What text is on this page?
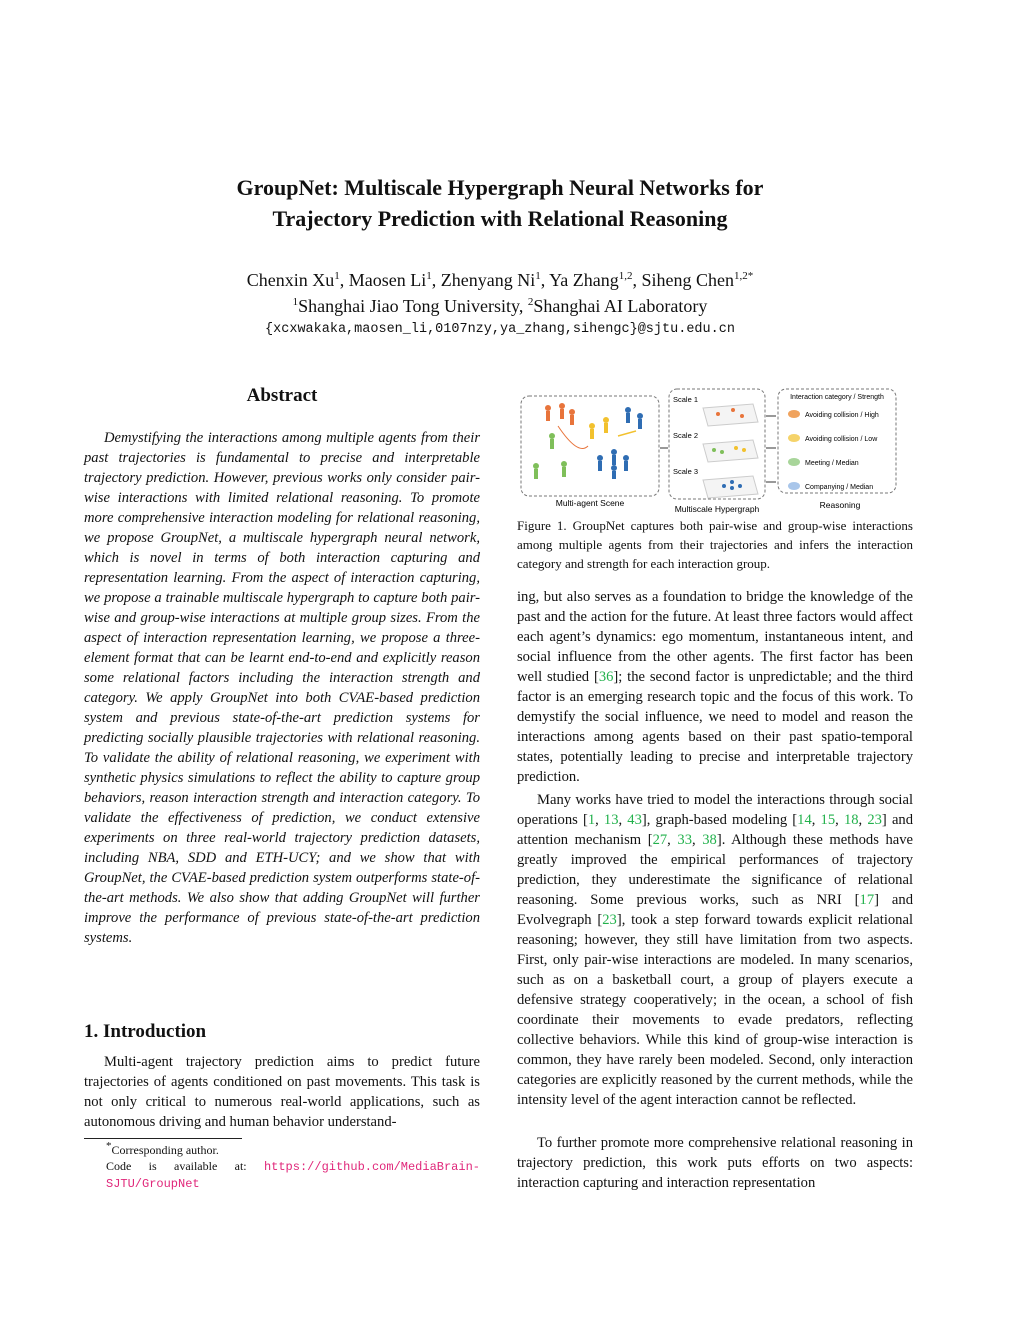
GroupNet: Multiscale Hypergraph Neural Networks for
Trajectory Prediction with Relational Reasoning
Chenxin Xu$^1$, Maosen Li$^1$, Zhenyang Ni$^1$, Ya Zhang$^{1,2}$, Siheng Chen$^{1,2*}$
$^1$Shanghai Jiao Tong University, $^2$Shanghai AI Laboratory
{xcxwakaka,maosen_li,0107nzy,ya_zhang,sihengc}@sjtu.edu.cn
Abstract
Demystifying the interactions among multiple agents from their past trajectories is fundamental to precise and interpretable trajectory prediction. However, previous works only consider pair-wise interactions with limited relational reasoning. To promote more comprehensive interaction modeling for relational reasoning, we propose GroupNet, a multiscale hypergraph neural network, which is novel in terms of both interaction capturing and representation learning. From the aspect of interaction capturing, we propose a trainable multiscale hypergraph to capture both pair-wise and group-wise interactions at multiple group sizes. From the aspect of interaction representation learning, we propose a three-element format that can be learnt end-to-end and explicitly reason some relational factors including the interaction strength and category. We apply GroupNet into both CVAE-based prediction system and previous state-of-the-art prediction systems for predicting socially plausible trajectories with relational reasoning. To validate the ability of relational reasoning, we experiment with synthetic physics simulations to reflect the ability to capture group behaviors, reason interaction strength and interaction category. To validate the effectiveness of prediction, we conduct extensive experiments on three real-world trajectory prediction datasets, including NBA, SDD and ETH-UCY; and we show that with GroupNet, the CVAE-based prediction system outperforms state-of-the-art methods. We also show that adding GroupNet will further improve the performance of previous state-of-the-art prediction systems.
1. Introduction
Multi-agent trajectory prediction aims to predict future trajectories of agents conditioned on past movements. This task is not only critical to numerous real-world applications, such as autonomous driving and human behavior understand-
*Corresponding author.
Code is available at: https://github.com/MediaBrain-SJTU/GroupNet
Multi-agent Scene
Scale 1
Scale 2
Scale 3
Multiscale Hypergraph
Interaction category / Strength
Avoiding collision / High
Avoiding collision / Low
Meeting / Median
Companying / Median
Reasoning
Figure 1. GroupNet captures both pair-wise and group-wise interactions among multiple agents from their trajectories and infers the interaction category and strength for each interaction group.
ing, but also serves as a foundation to bridge the knowledge of the past and the action for the future. At least three factors would affect each agent’s dynamics: ego momentum, instantaneous intent, and social influence from the other agents. The first factor has been well studied [36]; the second factor is unpredictable; and the third factor is an emerging research topic and the focus of this work. To demystify the social influence, we need to model and reason the interactions among agents based on their past spatio-temporal states, potentially leading to precise and interpretable trajectory prediction.
Many works have tried to model the interactions through social operations [1, 13, 43], graph-based modeling [14, 15, 18, 23] and attention mechanism [27, 33, 38]. Although these methods have greatly improved the empirical performances of trajectory prediction, they underestimate the significance of relational reasoning. Some previous works, such as NRI [17] and Evolvegraph [23], took a step forward towards explicit relational reasoning; however, they still have limitation from two aspects. First, only pair-wise interactions are modeled. In many scenarios, such as on a basketball court, a group of players execute a defensive strategy cooperatively; in the ocean, a school of fish coordinate their movements to evade predators, reflecting collective behaviors. While this kind of group-wise interaction is common, they have rarely been modeled. Second, only interaction categories are explicitly reasoned by the current methods, while the intensity level of the agent interaction cannot be reflected.
To further promote more comprehensive relational reasoning in trajectory prediction, this work puts efforts on two aspects: interaction capturing and interaction representation
